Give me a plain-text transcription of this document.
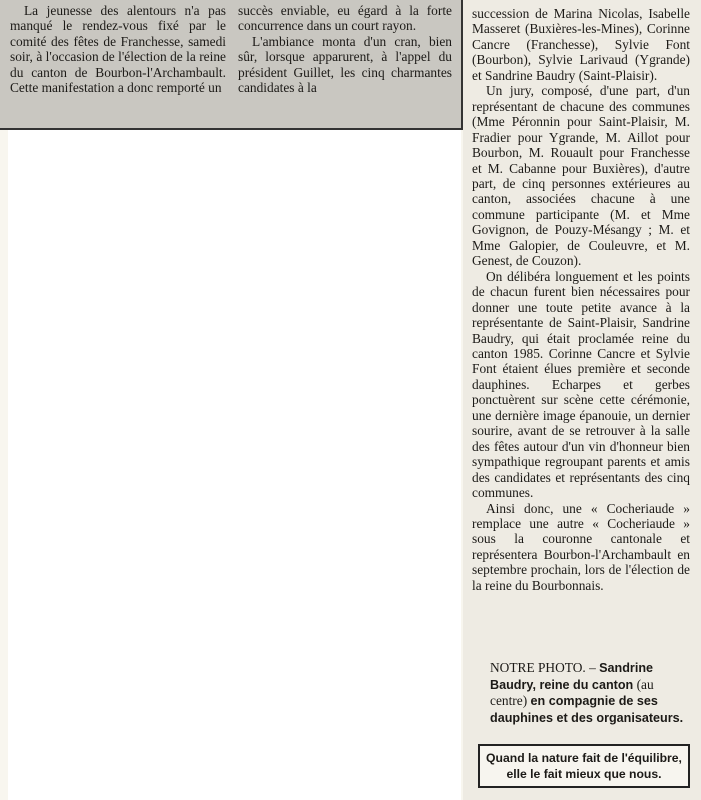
La jeunesse des alentours n'a pas manqué le rendez-vous fixé par le comité des fêtes de Franchesse, samedi soir, à l'occasion de l'élection de la reine du canton de Bourbon-l'Archambault. Cette manifestation a donc remporté un

succès enviable, eu égard à la forte concurrence dans un court rayon.

L'ambiance monta d'un cran, bien sûr, lorsque apparurent, à l'appel du président Guillet, les cinq charmantes candidates à la

succession de Marina Nicolas, Isabelle Masseret (Buxières-les-Mines), Corinne Cancre (Franchesse), Sylvie Font (Bourbon), Sylvie Larivaud (Ygrande) et Sandrine Baudry (Saint-Plaisir).

Un jury, composé, d'une part, d'un représentant de chacune des communes (Mme Péronnin pour Saint-Plaisir, M. Fradier pour Ygrande, M. Aillot pour Bourbon, M. Rouault pour Franchesse et M. Cabanne pour Buxières), d'autre part, de cinq personnes extérieures au canton, associées chacune à une commune participante (M. et Mme Govignon, de Pouzy-Mésangy ; M. et Mme Galopier, de Couleuvre, et M. Genest, de Couzon).

On délibéra longuement et les points de chacun furent bien nécessaires pour donner une toute petite avance à la représentante de Saint-Plaisir, Sandrine Baudry, qui était proclamée reine du canton 1985. Corinne Cancre et Sylvie Font étaient élues première et seconde dauphines. Echarpes et gerbes ponctuèrent sur scène cette cérémonie, une dernière image épanouie, un dernier sourire, avant de se retrouver à la salle des fêtes autour d'un vin d'honneur bien sympathique regroupant parents et amis des candidates et représentants des cinq communes.

Ainsi donc, une « Cocheriaude » remplace une autre « Cocheriaude » sous la couronne cantonale et représentera Bourbon-l'Archambault en septembre prochain, lors de l'élection de la reine du Bourbonnais.

NOTRE PHOTO. – Sandrine Baudry, reine du canton (au centre) en compagnie de ses dauphines et des organisateurs.
Quand la nature fait de l'équilibre, elle le fait mieux que nous.
